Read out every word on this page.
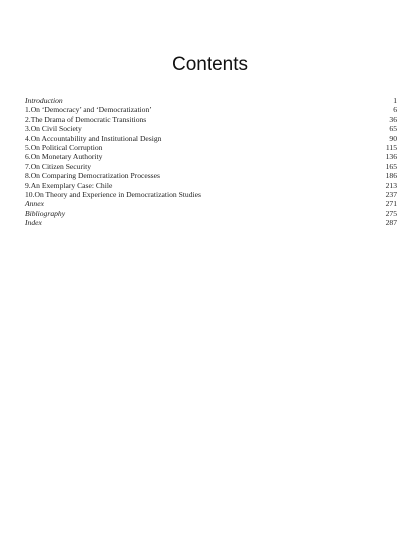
Contents
Introduction	1
1.On ‘Democracy’ and ‘Democratization’	6
2.The Drama of Democratic Transitions	36
3.On Civil Society	65
4.On Accountability and Institutional Design	90
5.On Political Corruption	115
6.On Monetary Authority	136
7.On Citizen Security	165
8.On Comparing Democratization Processes	186
9.An Exemplary Case: Chile	213
10.On Theory and Experience in Democratization Studies	237
Annex	271
Bibliography	275
Index	287
